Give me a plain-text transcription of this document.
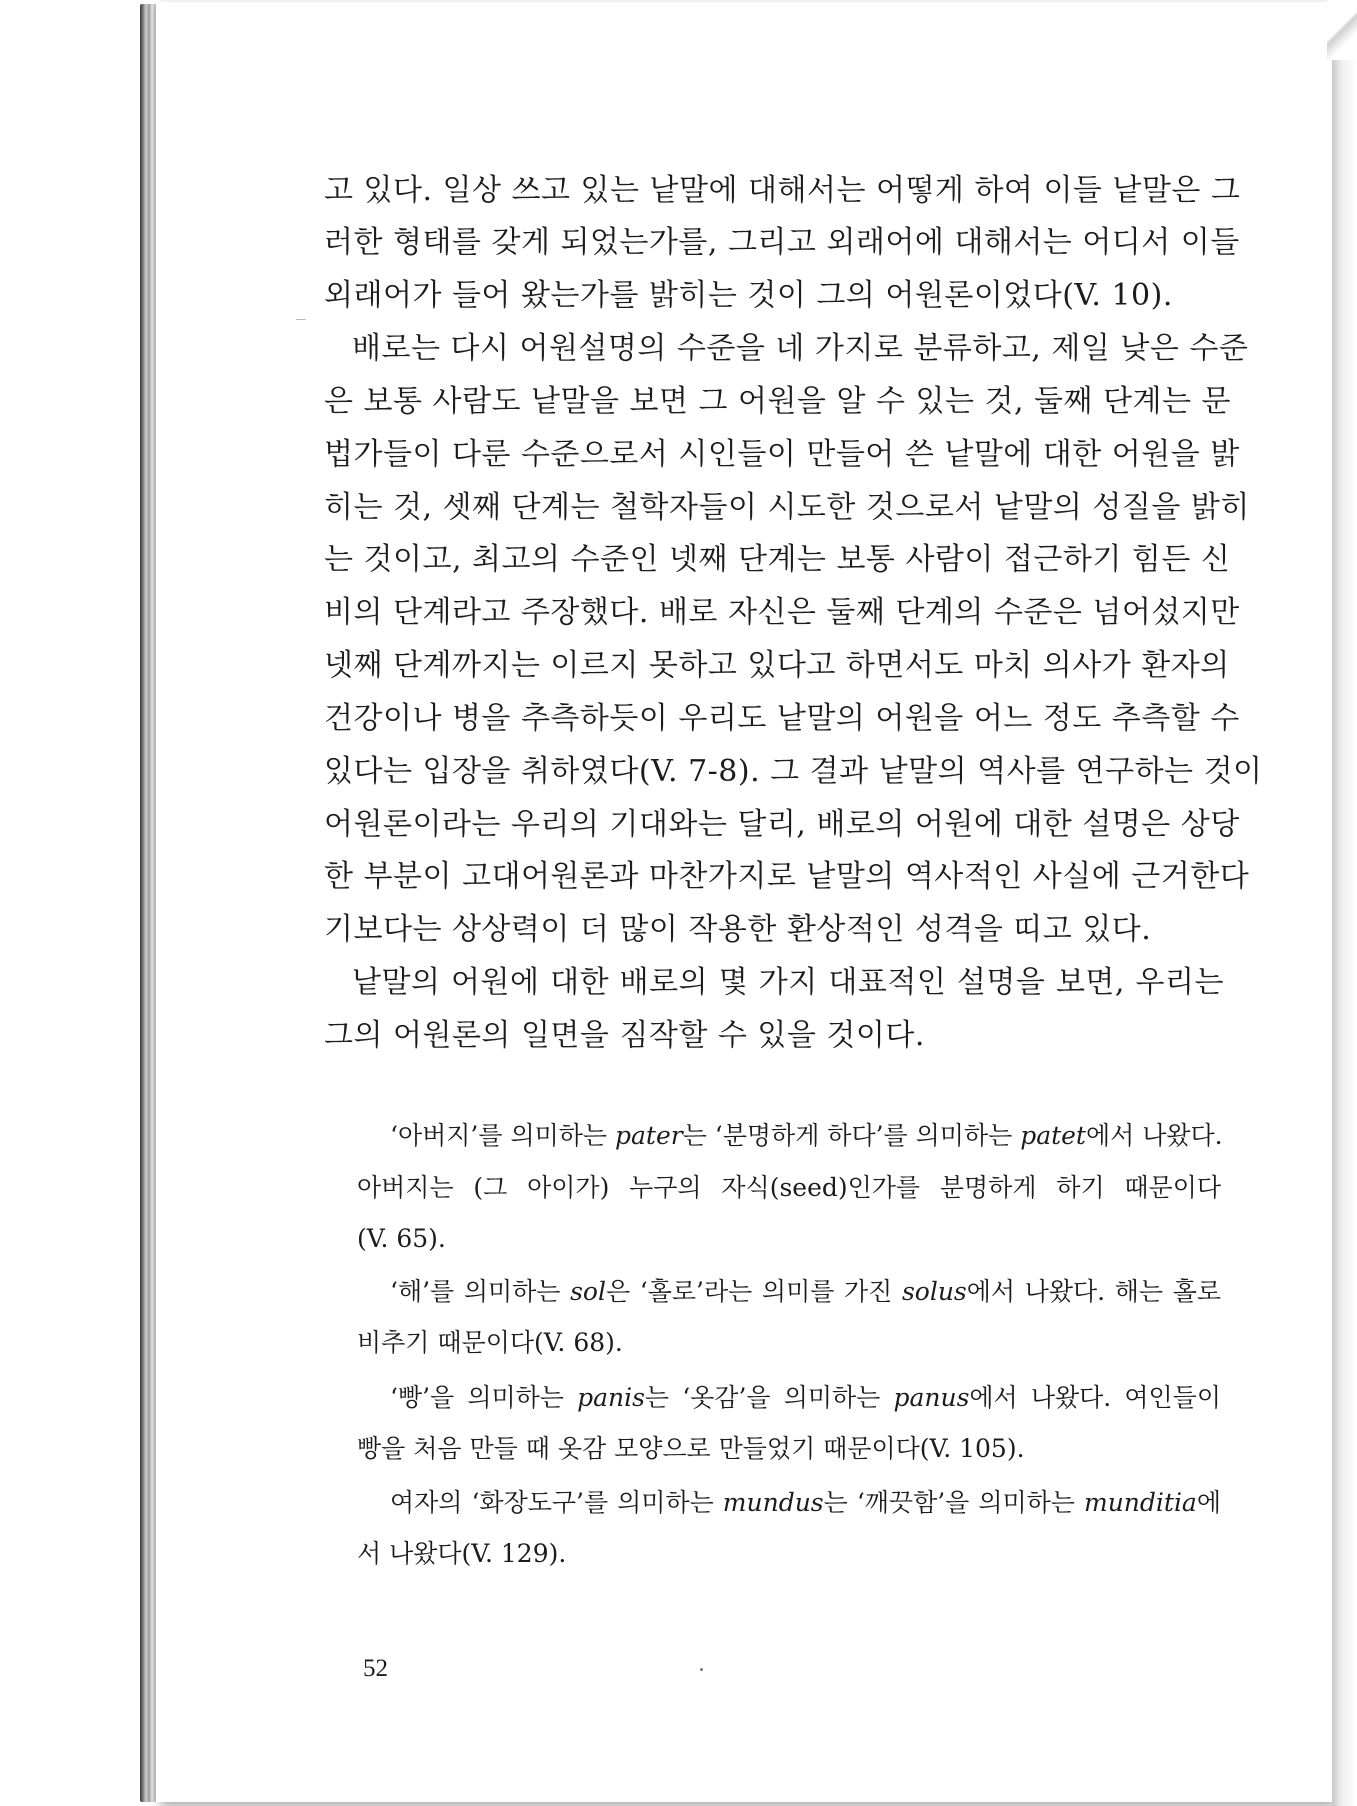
고 있다. 일상 쓰고 있는 낱말에 대해서는 어떻게 하여 이들 낱말은 그
러한 형태를 갖게 되었는가를, 그리고 외래어에 대해서는 어디서 이들
외래어가 들어 왔는가를 밝히는 것이 그의 어원론이었다(V. 10).
배로는 다시 어원설명의 수준을 네 가지로 분류하고, 제일 낮은 수준
은 보통 사람도 낱말을 보면 그 어원을 알 수 있는 것, 둘째 단계는 문
법가들이 다룬 수준으로서 시인들이 만들어 쓴 낱말에 대한 어원을 밝
히는 것, 셋째 단계는 철학자들이 시도한 것으로서 낱말의 성질을 밝히
는 것이고, 최고의 수준인 넷째 단계는 보통 사람이 접근하기 힘든 신
비의 단계라고 주장했다. 배로 자신은 둘째 단계의 수준은 넘어섰지만
넷째 단계까지는 이르지 못하고 있다고 하면서도 마치 의사가 환자의
건강이나 병을 추측하듯이 우리도 낱말의 어원을 어느 정도 추측할 수
있다는 입장을 취하였다(V. 7-8). 그 결과 낱말의 역사를 연구하는 것이
어원론이라는 우리의 기대와는 달리, 배로의 어원에 대한 설명은 상당
한 부분이 고대어원론과 마찬가지로 낱말의 역사적인 사실에 근거한다
기보다는 상상력이 더 많이 작용한 환상적인 성격을 띠고 있다.
낱말의 어원에 대한 배로의 몇 가지 대표적인 설명을 보면, 우리는
그의 어원론의 일면을 짐작할 수 있을 것이다.
‘아버지’를 의미하는 pater는 ‘분명하게 하다’를 의미하는 patet에서 나왔다.
아버지는 (그 아이가) 누구의 자식(seed)인가를 분명하게 하기 때문이다
(V. 65).
‘해’를 의미하는 sol은 ‘홀로’라는 의미를 가진 solus에서 나왔다. 해는 홀로
비추기 때문이다(V. 68).
‘빵’을 의미하는 panis는 ‘옷감’을 의미하는 panus에서 나왔다. 여인들이
빵을 처음 만들 때 옷감 모양으로 만들었기 때문이다(V. 105).
여자의 ‘화장도구’를 의미하는 mundus는 ‘깨끗함’을 의미하는 munditia에
서 나왔다(V. 129).
52
